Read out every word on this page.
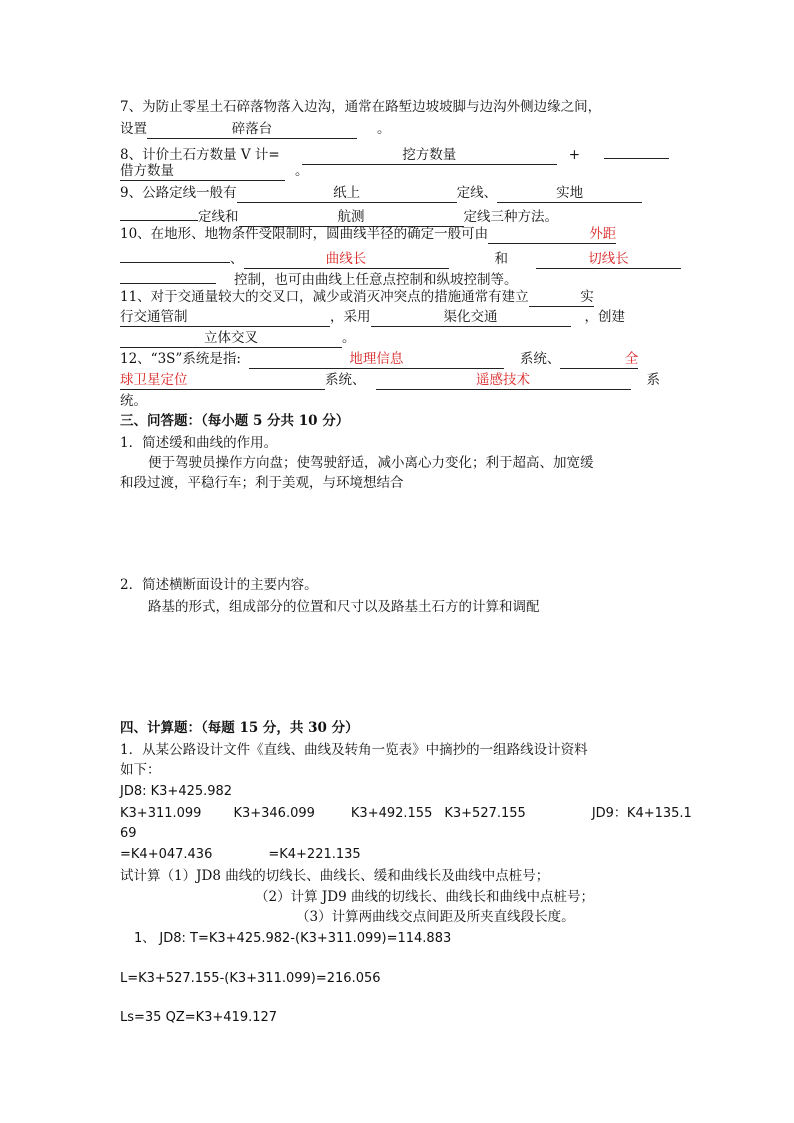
7、为防止零星土石碎落物落入边沟，通常在路堑边坡坡脚与边沟外侧边缘之间，
设置	碎落台	。
8、计价土石方数量 V 计=	挖方数量	+
借方数量	。
9、公路定线一般有	纸上	定线、	实地
定线和	航测	定线三种方法。
10、在地形、地物条件受限制时，圆曲线半径的确定一般可由	外距
、	曲线长	和	切线长
控制，也可由曲线上任意点控制和纵坡控制等。
11、对于交通量较大的交叉口，减少或消灭冲突点的措施通常有建立	实
行交通管制	，采用	渠化交通	，创建
立体交叉	。
12、“3S”系统是指:	地理信息	系统、	全
球卫星定位	系统、	遥感技术	系
统。
三、问答题：（每小题 5 分共 10 分）
1．简述缓和曲线的作用。
便于驾驶员操作方向盘；使驾驶舒适，减小离心力变化；利于超高、加宽缓
和段过渡，平稳行车；利于美观，与环境想结合
2．简述横断面设计的主要内容。
路基的形式，组成部分的位置和尺寸以及路基土石方的计算和调配
四、计算题：（每题 15 分，共 30 分）
1．从某公路设计文件《直线、曲线及转角一览表》中摘抄的一组路线设计资料
如下：
JD8: K3+425.982
K3+311.099 K3+346.099	K3+492.155 K3+527.155	JD9：K4+135.1
69
=K4+047.436	=K4+221.135
试计算（1）JD8 曲线的切线长、曲线长、缓和曲线长及曲线中点桩号；
（2）计算 JD9 曲线的切线长、曲线长和曲线中点桩号；
（3）计算两曲线交点间距及所夹直线段长度。
1、 JD8: T=K3+425.982-(K3+311.099)=114.883
L=K3+527.155-(K3+311.099)=216.056
Ls=35 QZ=K3+419.127
